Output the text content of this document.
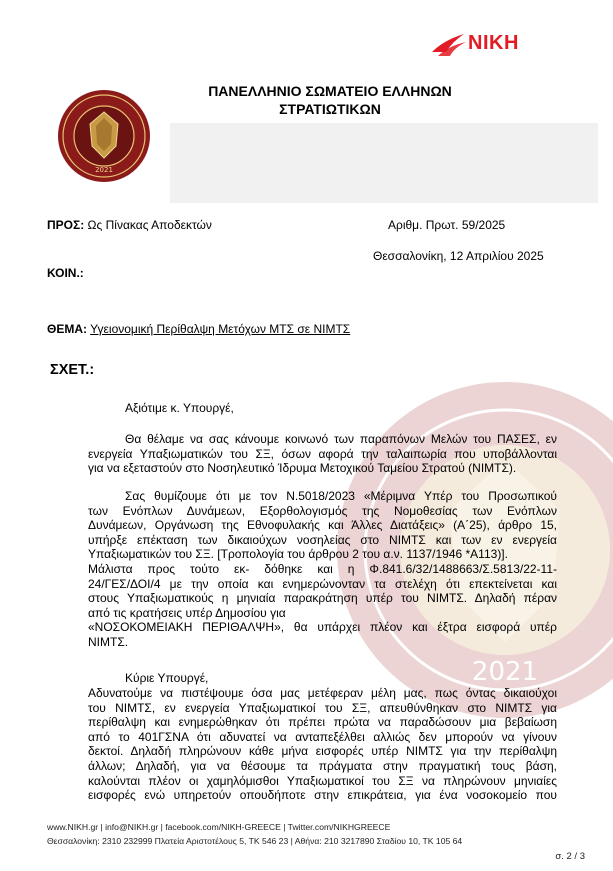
NIKH
2021
ΠΑΝΕΛΛΗΝΙΟ ΣΩΜΑΤΕΙΟ ΕΛΛΗΝΩΝ
ΣΤΡΑΤΙΩΤΙΚΩΝ
2021
ΠΡΟΣ: Ως Πίνακας Αποδεκτών	Αριθμ. Πρωτ. 59/2025
Θεσσαλονίκη, 12 Απριλίου 2025
ΚΟΙΝ.:
ΘΕΜΑ: Υγειονομική Περίθαλψη Μετόχων ΜΤΣ σε ΝΙΜΤΣ
ΣΧΕΤ.:
Αξιότιμε κ. Υπουργέ,
Θα θέλαμε να σας κάνουμε κοινωνό των παραπόνων Μελών του ΠΑΣΕΣ, εν
ενεργεία Υπαξιωματικών του ΣΞ, όσων αφορά την ταλαιπωρία που υποβάλλονται
για να εξεταστούν στο Νοσηλευτικό Ίδρυμα Μετοχικού Ταμείου Στρατού (ΝΙΜΤΣ).
Σας θυμίζουμε ότι με τον Ν.5018/2023 «Μέριμνα Υπέρ του Προσωπικού
των Ενόπλων Δυνάμεων, Εξορθολογισμός της Νομοθεσίας των Ενόπλων
Δυνάμεων, Οργάνωση της Εθνοφυλακής και Άλλες Διατάξεις» (Α΄25), άρθρο 15,
υπήρξε επέκταση των δικαιούχων νοσηλείας στο ΝΙΜΤΣ και των εν ενεργεία
Υπαξιωματικών του ΣΞ. [Τροπολογία του άρθρου 2 του α.ν. 1137/1946 *Α113)].
Μάλιστα προς τούτο εκ- δόθηκε και η Φ.841.6/32/1488663/Σ.5813/22-11-
24/ΓΕΣ/ΔΟΙ/4 με την οποία και ενημερώνονταν τα στελέχη ότι επεκτείνεται και
στους Υπαξιωματικούς η μηνιαία παρακράτηση υπέρ του ΝΙΜΤΣ. Δηλαδή πέραν
από τις κρατήσεις υπέρ Δημοσίου για
«ΝΟΣΟΚΟΜΕΙΑΚΗ ΠΕΡΙΘΑΛΨΗ», θα υπάρχει πλέον και έξτρα εισφορά υπέρ
ΝΙΜΤΣ.
Κύριε Υπουργέ,
Αδυνατούμε να πιστέψουμε όσα μας μετέφεραν μέλη μας, πως όντας δικαιούχοι
του ΝΙΜΤΣ, εν ενεργεία Υπαξιωματικοί του ΣΞ, απευθύνθηκαν στο ΝΙΜΤΣ για
περίθαλψη και ενημερώθηκαν ότι πρέπει πρώτα να παραδώσουν μια βεβαίωση
από το 401ΓΣΝΑ ότι αδυνατεί να ανταπεξέλθει αλλιώς δεν μπορούν να γίνουν
δεκτοί. Δηλαδή πληρώνουν κάθε μήνα εισφορές υπέρ ΝΙΜΤΣ για την περίθαλψη
άλλων; Δηλαδή, για να θέσουμε τα πράγματα στην πραγματική τους βάση,
καλούνται πλέον οι χαμηλόμισθοι Υπαξιωματικοί του ΣΞ να πληρώνουν μηνιαίες
εισφορές ενώ υπηρετούν οπουδήποτε στην επικράτεια, για ένα νοσοκομείο που
www.NIKH.gr | info@NIKH.gr | facebook.com/NIKH-GREECE | Twitter.com/NIKHGREECE
Θεσσαλονίκη: 2310 232999 Πλατεία Αριστοτέλους 5, ΤΚ 546 23 | Αθήνα: 210 3217890 Σταδίου 10, ΤΚ 105 64
σ. 2 / 3
